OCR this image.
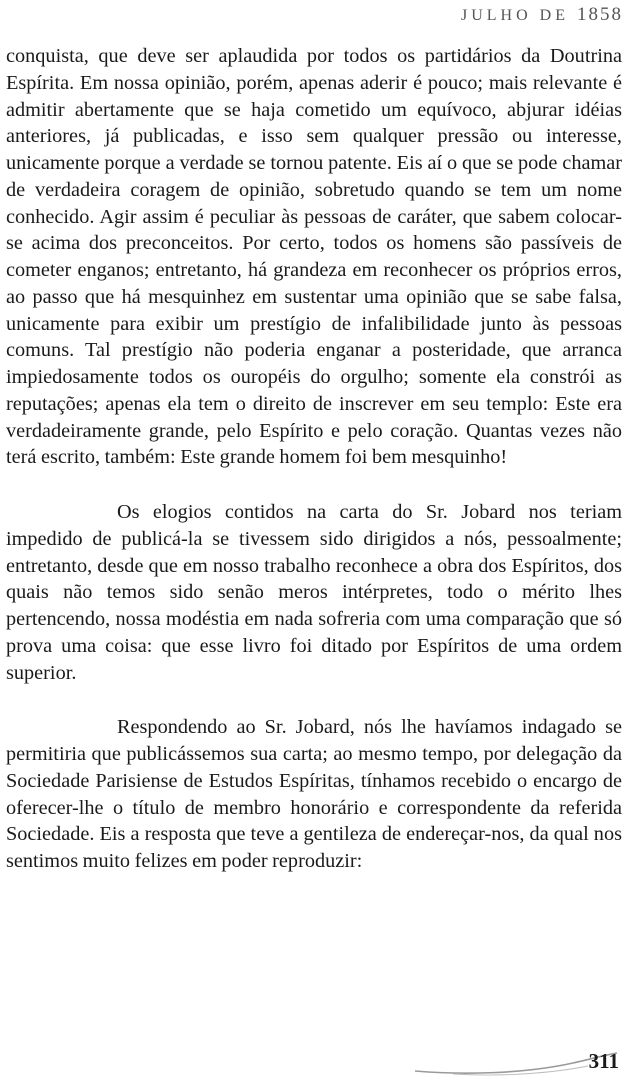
JULHO DE 1858

conquista, que deve ser aplaudida por todos os partidários da Doutrina Espírita. Em nossa opinião, porém, apenas aderir é pouco; mais relevante é admitir abertamente que se haja cometido um equívoco, abjurar idéias anteriores, já publicadas, e isso sem qualquer pressão ou interesse, unicamente porque a verdade se tornou patente. Eis aí o que se pode chamar de verdadeira coragem de opinião, sobretudo quando se tem um nome conhecido. Agir assim é peculiar às pessoas de caráter, que sabem colocar-se acima dos preconceitos. Por certo, todos os homens são passíveis de cometer enganos; entretanto, há grandeza em reconhecer os próprios erros, ao passo que há mesquinhez em sustentar uma opinião que se sabe falsa, unicamente para exibir um prestígio de infalibilidade junto às pessoas comuns. Tal prestígio não poderia enganar a posteridade, que arranca impiedosamente todos os ouropéis do orgulho; somente ela constrói as reputações; apenas ela tem o direito de inscrever em seu templo: Este era verdadeiramente grande, pelo Espírito e pelo coração. Quantas vezes não terá escrito, também: Este grande homem foi bem mesquinho!

Os elogios contidos na carta do Sr. Jobard nos teriam impedido de publicá-la se tivessem sido dirigidos a nós, pessoalmente; entretanto, desde que em nosso trabalho reconhece a obra dos Espíritos, dos quais não temos sido senão meros intérpretes, todo o mérito lhes pertencendo, nossa modéstia em nada sofreria com uma comparação que só prova uma coisa: que esse livro foi ditado por Espíritos de uma ordem superior.

Respondendo ao Sr. Jobard, nós lhe havíamos indagado se permitiria que publicássemos sua carta; ao mesmo tempo, por delegação da Sociedade Parisiense de Estudos Espíritas, tínhamos recebido o encargo de oferecer-lhe o título de membro honorário e correspondente da referida Sociedade. Eis a resposta que teve a gentileza de endereçar-nos, da qual nos sentimos muito felizes em poder reproduzir:

311
